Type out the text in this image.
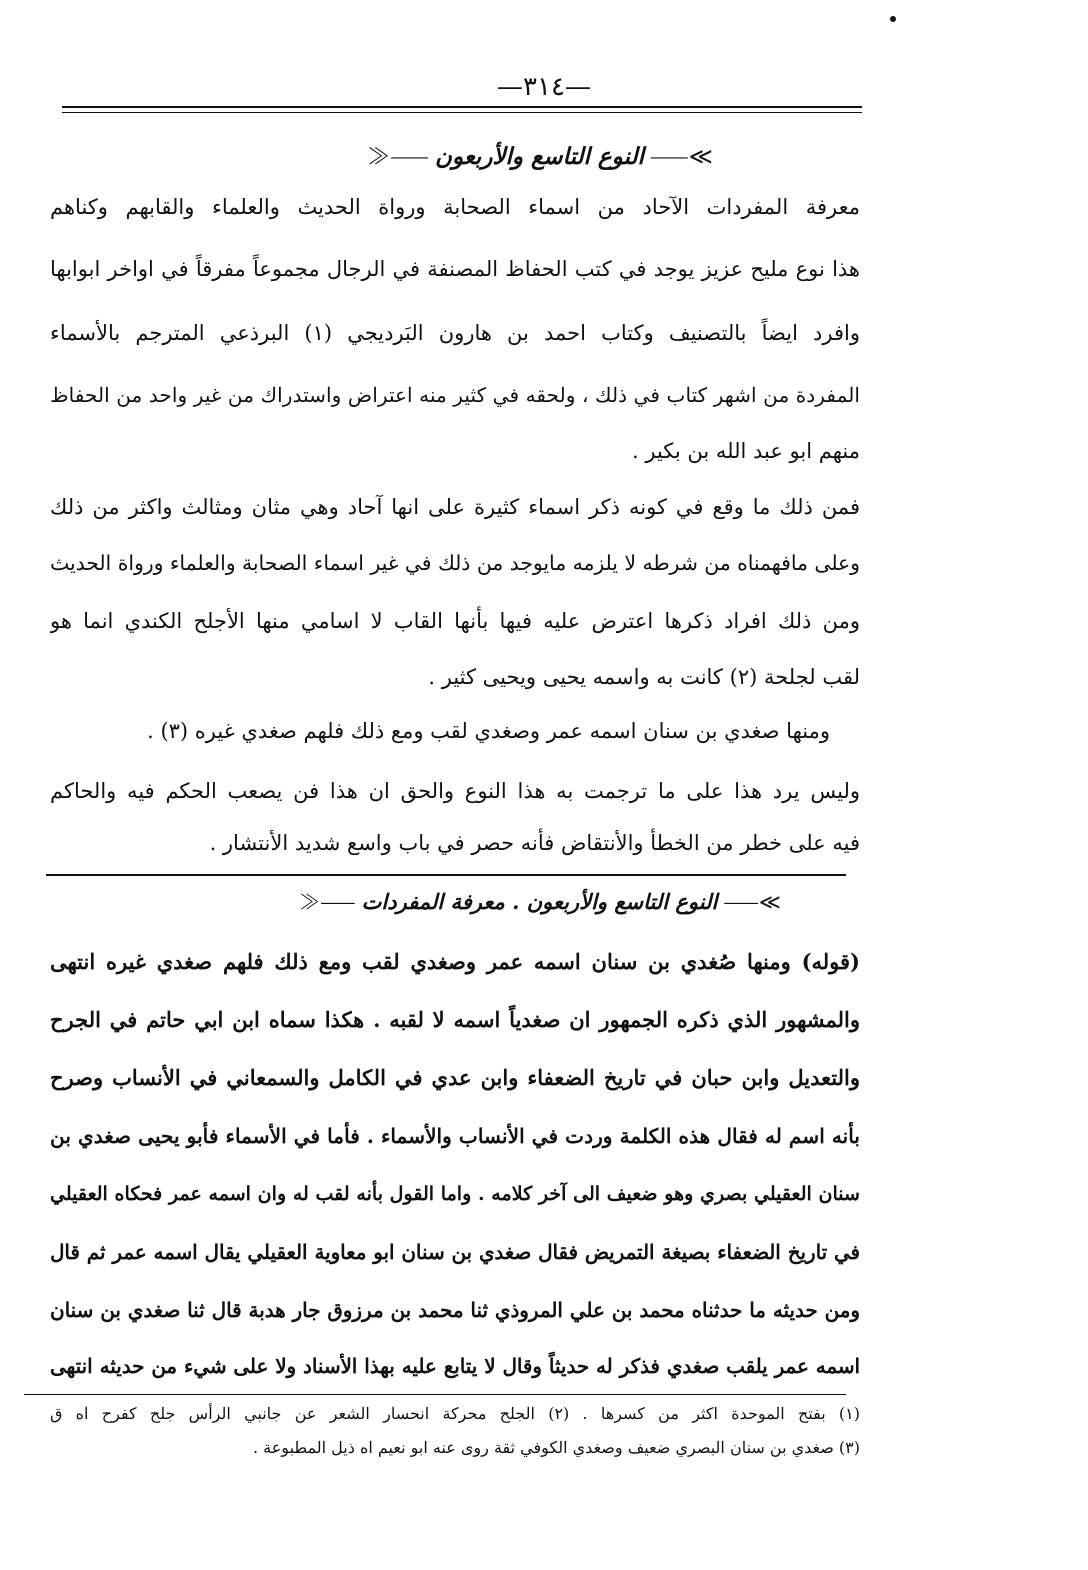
—٣١٤—
≫⸺النوع التاسع والأربعون⸺≪
معرفة المفردات الآحاد من اسماء الصحابة ورواة الحديث والعلماء والقابهم وكناهم
هذا نوع مليح عزيز يوجد في كتب الحفاظ المصنفة في الرجال مجموعاً مفرقاً في اواخر ابوابها
وافرد ايضاً بالتصنيف وكتاب احمد بن هارون البَرديجي (١) البرذعي المترجم بالأسماء
المفردة من اشهر كتاب في ذلك ، ولحقه في كثير منه اعتراض واستدراك من غير واحد من الحفاظ
منهم ابو عبد الله بن بكير .
فمن ذلك ما وقع في كونه ذكر اسماء كثيرة على انها آحاد وهي مثان ومثالث واكثر من ذلك
وعلى مافهمناه من شرطه لا يلزمه مايوجد من ذلك في غير اسماء الصحابة والعلماء ورواة الحديث
ومن ذلك افراد ذكرها اعترض عليه فيها بأنها القاب لا اسامي منها الأجلح الكندي انما هو
لقب لجلحة (٢) كانت به واسمه يحيى ويحيى كثير .
ومنها صغدي بن سنان اسمه عمر وصغدي لقب ومع ذلك فلهم صغدي غيره (٣) .
وليس يرد هذا على ما ترجمت به هذا النوع والحق ان هذا فن يصعب الحكم فيه والحاكم
فيه على خطر من الخطأ والأنتقاض فأنه حصر في باب واسع شديد الأنتشار .
≫⸺النوع التاسع والأربعون . معرفة المفردات⸺≪
(قوله) ومنها صُغدي بن سنان اسمه عمر وصغدي لقب ومع ذلك فلهم صغدي غيره انتهى
والمشهور الذي ذكره الجمهور ان صغدياً اسمه لا لقبه . هكذا سماه ابن ابي حاتم في الجرح
والتعديل وابن حبان في تاريخ الضعفاء وابن عدي في الكامل والسمعاني في الأنساب وصرح
بأنه اسم له فقال هذه الكلمة وردت في الأنساب والأسماء . فأما في الأسماء فأبو يحيى صغدي بن
سنان العقيلي بصري وهو ضعيف الى آخر كلامه . واما القول بأنه لقب له وان اسمه عمر فحكاه العقيلي
في تاريخ الضعفاء بصيغة التمريض فقال صغدي بن سنان ابو معاوية العقيلي يقال اسمه عمر ثم قال
ومن حديثه ما حدثناه محمد بن علي المروذي ثنا محمد بن مرزوق جار هدبة قال ثنا صغدي بن سنان
اسمه عمر يلقب صغدي فذكر له حديثاً وقال لا يتابع عليه بهذا الأسناد ولا على شيء من حديثه انتهى
(١) بفتح الموحدة اكثر من كسرها . (٢) الجلح محركة انحسار الشعر عن جانبي الرأس جلح كفرح اه ق
(٣) صغدي بن سنان البصري ضعيف وصغدي الكوفي ثقة روى عنه ابو نعيم اه ذيل المطبوعة .
